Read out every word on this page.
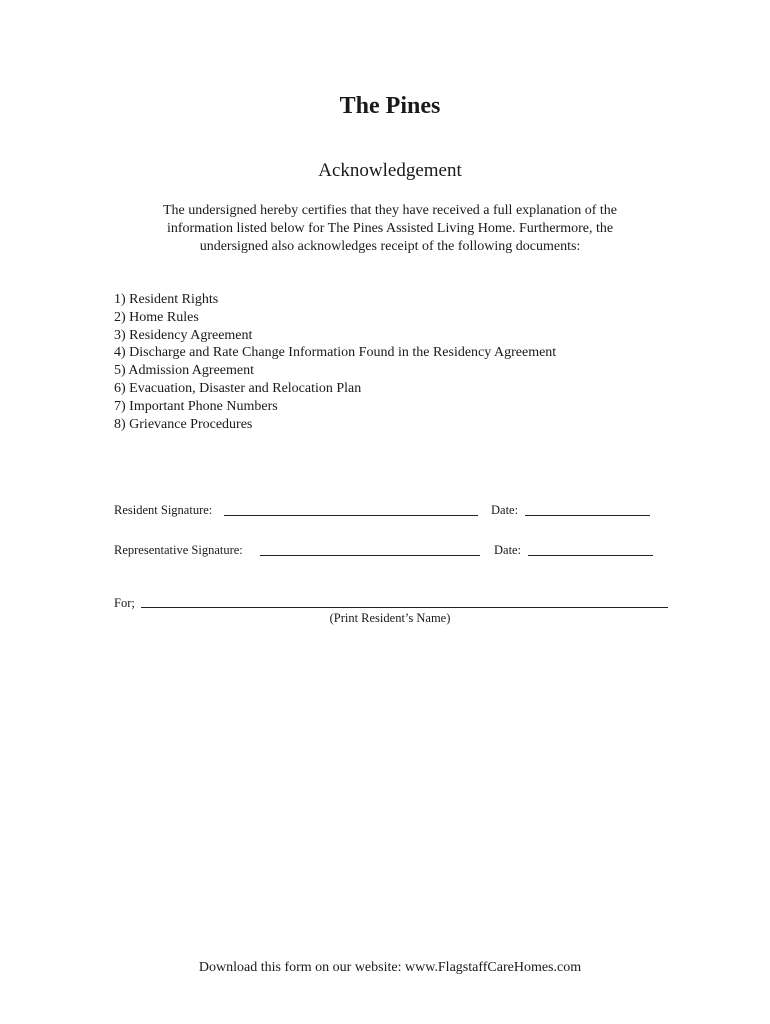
The Pines
Acknowledgement
The undersigned hereby certifies that they have received a full explanation of the
information listed below for The Pines Assisted Living Home. Furthermore, the
undersigned also acknowledges receipt of the following documents:
1) Resident Rights
2) Home Rules
3) Residency Agreement
4) Discharge and Rate Change Information Found in the Residency Agreement
5) Admission Agreement
6) Evacuation, Disaster and Relocation Plan
7) Important Phone Numbers
8) Grievance Procedures
Resident Signature:	Date:
Representative Signature:	Date:
For;
(Print Resident’s Name)
Download this form on our website: www.FlagstaffCareHomes.com
